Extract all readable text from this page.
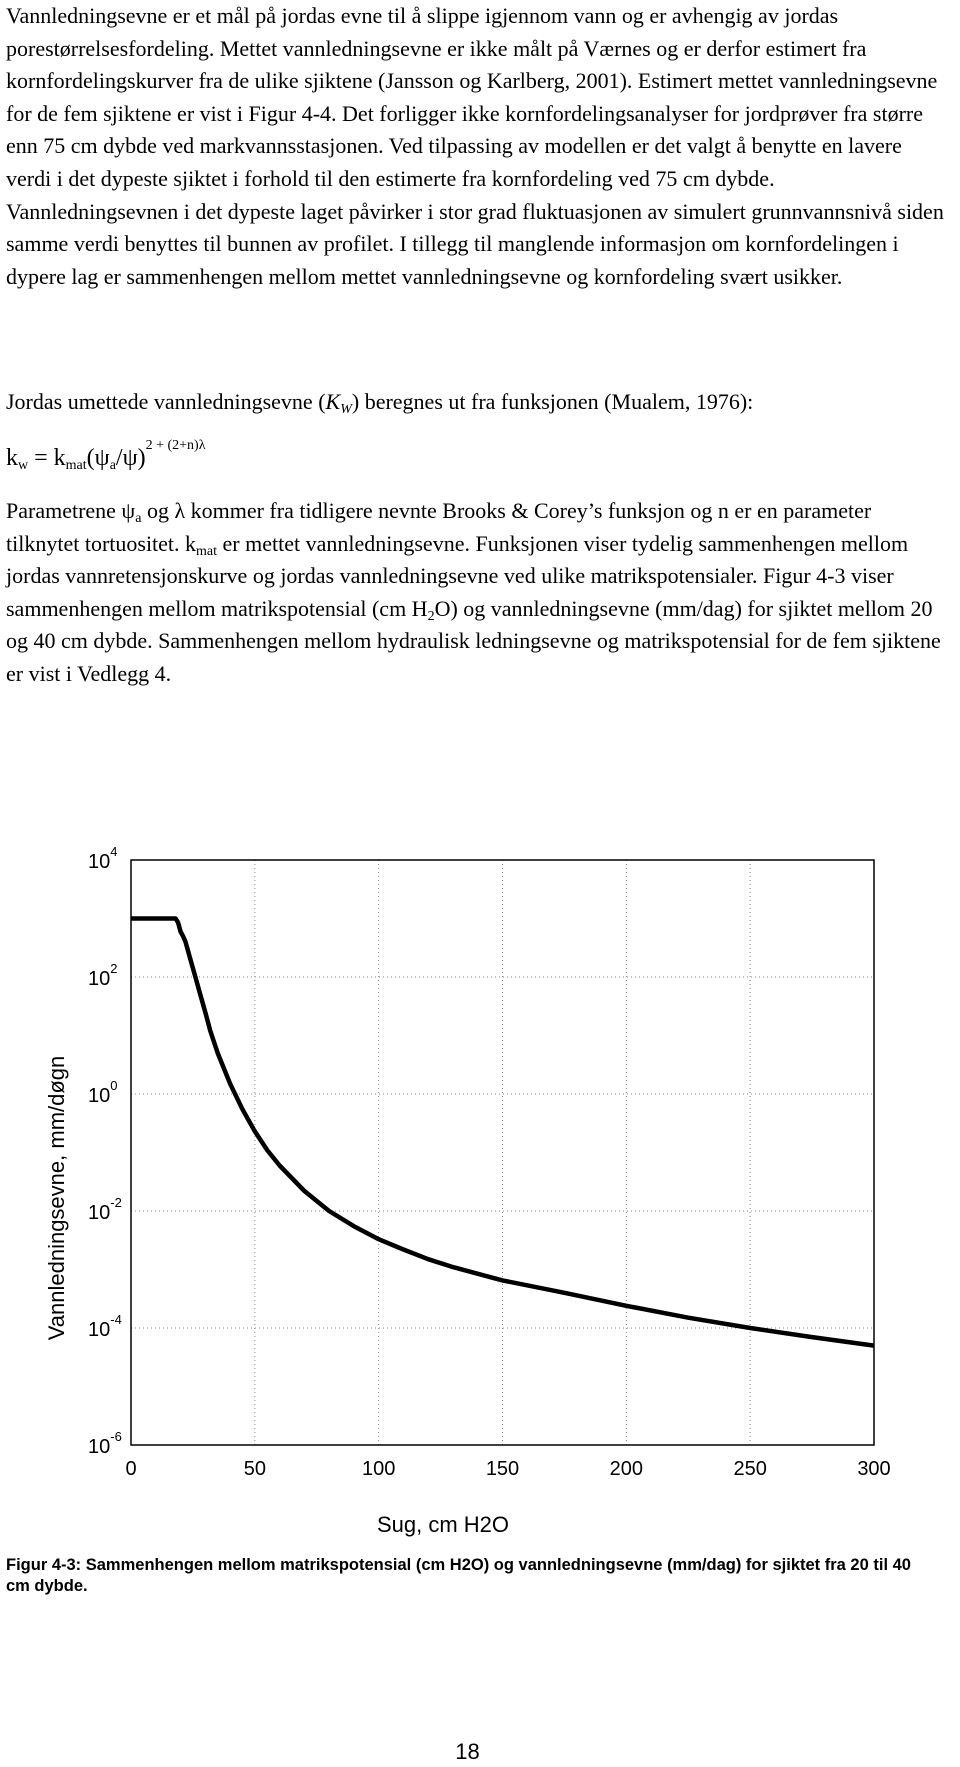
Vannledningsevne er et mål på jordas evne til å slippe igjennom vann og er avhengig av jordas porestørrelsesfordeling. Mettet vannledningsevne er ikke målt på Værnes og er derfor estimert fra kornfordelingskurver fra de ulike sjiktene (Jansson og Karlberg, 2001). Estimert mettet vannledningsevne for de fem sjiktene er vist i Figur 4-4. Det forligger ikke kornfordelingsanalyser for jordprøver fra større enn 75 cm dybde ved markvannsstasjonen. Ved tilpassing av modellen er det valgt å benytte en lavere verdi i det dypeste sjiktet i forhold til den estimerte fra kornfordeling ved 75 cm dybde. Vannledningsevnen i det dypeste laget påvirker i stor grad fluktuasjonen av simulert grunnvannsnivå siden samme verdi benyttes til bunnen av profilet. I tillegg til manglende informasjon om kornfordelingen i dypere lag er sammenhengen mellom mettet vannledningsevne og kornfordeling svært usikker.
Jordas umettede vannledningsevne $(K_W)$ beregnes ut fra funksjonen (Mualem, 1976):
$k_w = k_{mat}(\psi_a/\psi)^{2 + (2+n)\lambda}$
Parametrene $\psi_a$ og λ kommer fra tidligere nevnte Brooks & Corey’s funksjon og n er en parameter tilknytet tortuositet. $k_{mat}$ er mettet vannledningsevne. Funksjonen viser tydelig sammenhengen mellom jordas vannretensjonskurve og jordas vannledningsevne ved ulike matrikspotensialer. Figur 4-3 viser sammenhengen mellom matrikspotensial (cm $H_2O$) og vannledningsevne (mm/dag) for sjiktet mellom 20 og 40 cm dybde. Sammenhengen mellom hydraulisk ledningsevne og matrikspotensial for de fem sjiktene er vist i Vedlegg 4.
$10^4$
$10^2$
$10^0$
$10^{-2}$
$10^{-4}$
$10^{-6}$
0	50	100	150	200	250	300
Sug, cm H2O
Vannledningsevne, mm/døgn
Figur 4-3: Sammenhengen mellom matrikspotensial (cm H2O) og vannledningsevne (mm/dag) for sjiktet fra 20 til 40 cm dybde.
18
